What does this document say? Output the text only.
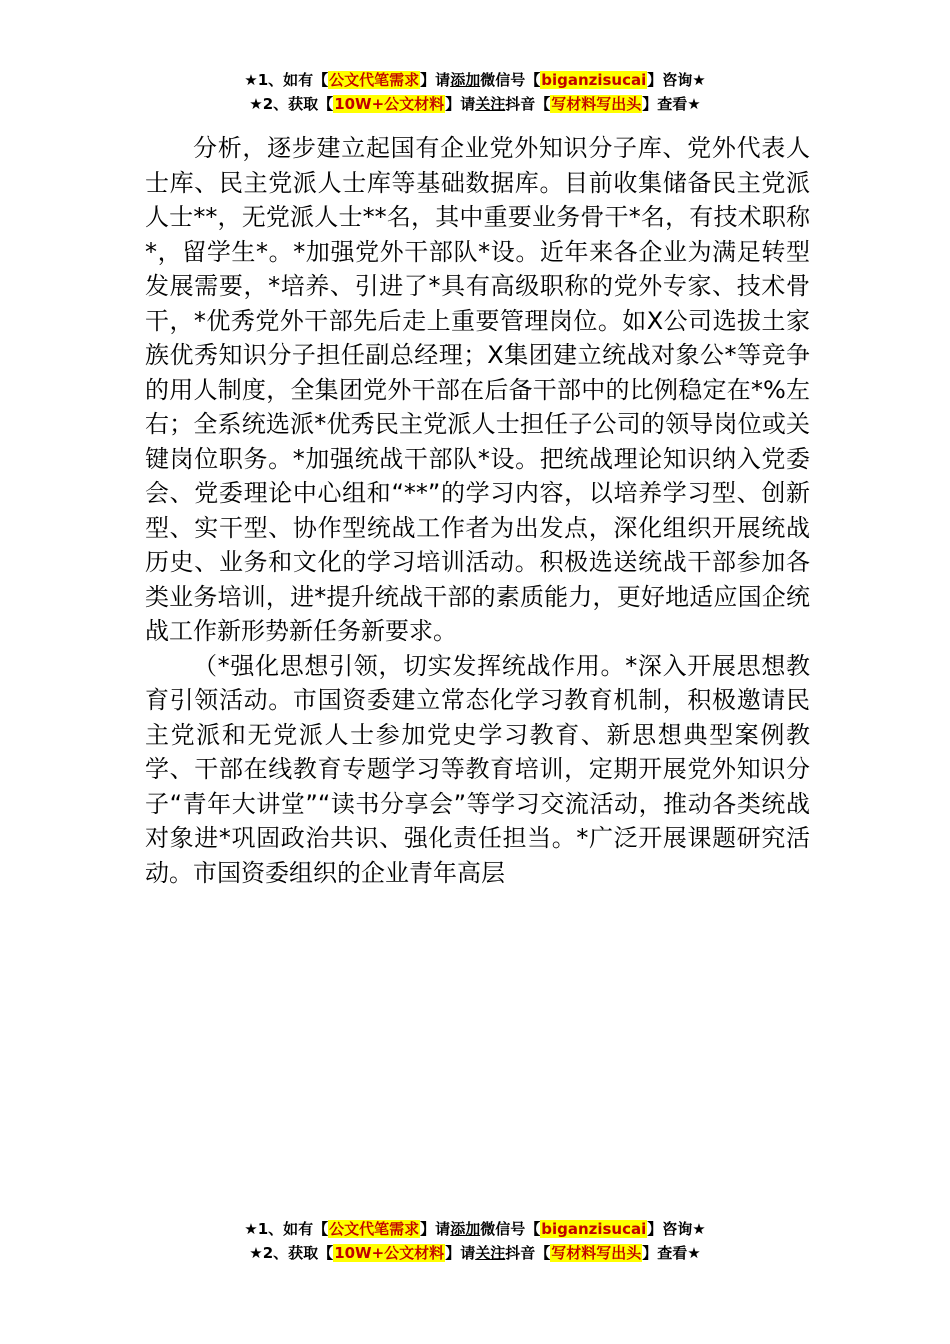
★1、如有【公文代笔需求】请添加微信号【biganzisucai】咨询★
★2、获取【10W+公文材料】请关注抖音【写材料写出头】查看★

分析，逐步建立起国有企业党外知识分子库、党外代表人士库、民主党派人士库等基础数据库。目前收集储备民主党派人士**，无党派人士**名，其中重要业务骨干*名，有技术职称*，留学生*。*加强党外干部队*设。近年来各企业为满足转型发展需要，*培养、引进了*具有高级职称的党外专家、技术骨干，*优秀党外干部先后走上重要管理岗位。如X公司选拔土家族优秀知识分子担任副总经理；X集团建立统战对象公*等竞争的用人制度，全集团党外干部在后备干部中的比例稳定在*%左右；全系统选派*优秀民主党派人士担任子公司的领导岗位或关键岗位职务。*加强统战干部队*设。把统战理论知识纳入党委会、党委理论中心组和“**”的学习内容，以培养学习型、创新型、实干型、协作型统战工作者为出发点，深化组织开展统战历史、业务和文化的学习培训活动。积极选送统战干部参加各类业务培训，进*提升统战干部的素质能力，更好地适应国企统战工作新形势新任务新要求。

（*强化思想引领，切实发挥统战作用。*深入开展思想教育引领活动。市国资委建立常态化学习教育机制，积极邀请民主党派和无党派人士参加党史学习教育、新思想典型案例教学、干部在线教育专题学习等教育培训，定期开展党外知识分子“青年大讲堂”“读书分享会”等学习交流活动，推动各类统战对象进*巩固政治共识、强化责任担当。*广泛开展课题研究活动。市国资委组织的企业青年高层

★1、如有【公文代笔需求】请添加微信号【biganzisucai】咨询★
★2、获取【10W+公文材料】请关注抖音【写材料写出头】查看★
